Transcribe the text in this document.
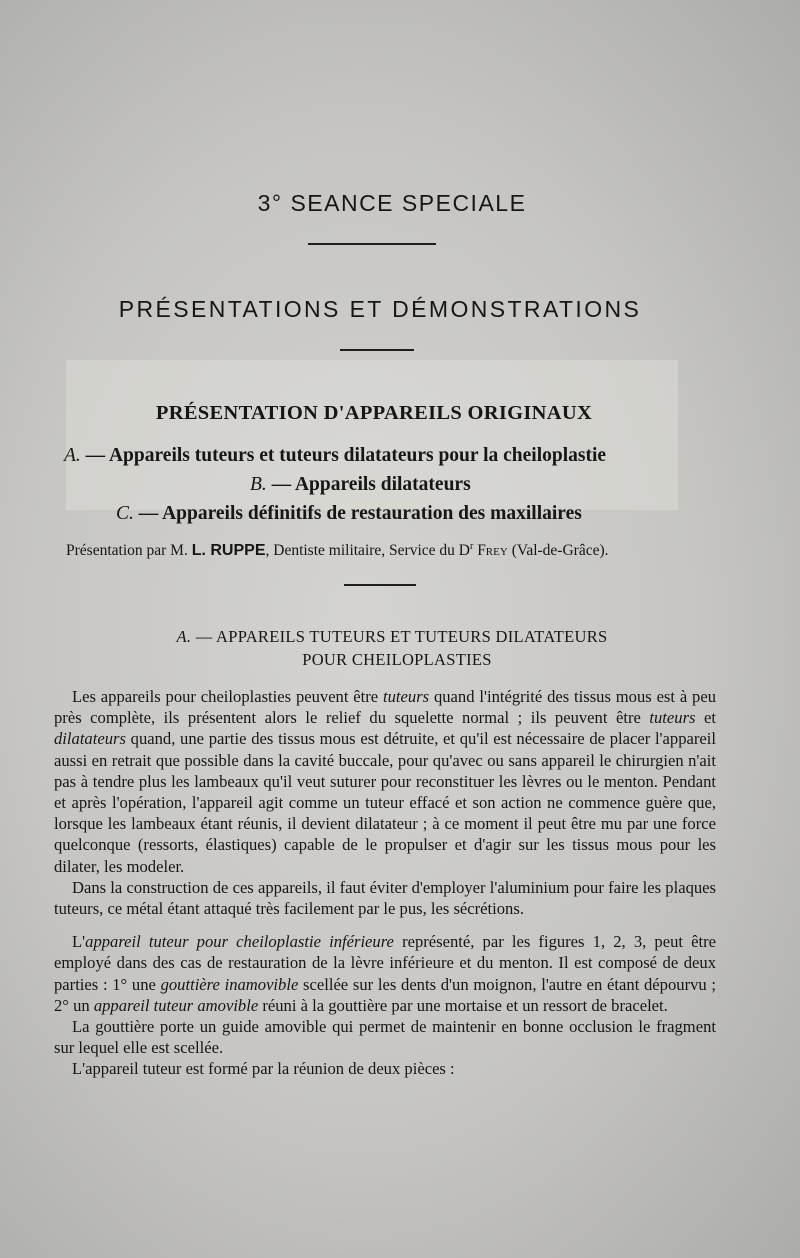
3° SEANCE SPECIALE
PRÉSENTATIONS ET DÉMONSTRATIONS
PRÉSENTATION D'APPAREILS ORIGINAUX
A. — Appareils tuteurs et tuteurs dilatateurs pour la cheiloplastie
B. — Appareils dilatateurs
C. — Appareils définitifs de restauration des maxillaires
Présentation par M. L. RUPPE, Dentiste militaire, Service du $D^r$ Frey (Val-de-Grâce).
A. — APPAREILS TUTEURS ET TUTEURS DILATATEURS
POUR CHEILOPLASTIES

Les appareils pour cheiloplasties peuvent être tuteurs quand l'intégrité des tissus mous est à peu près complète, ils présentent alors le relief du squelette normal ; ils peuvent être tuteurs et dilatateurs quand, une partie des tissus mous est détruite, et qu'il est nécessaire de placer l'appareil aussi en retrait que possible dans la cavité buccale, pour qu'avec ou sans appareil le chirurgien n'ait pas à tendre plus les lambeaux qu'il veut suturer pour reconstituer les lèvres ou le menton. Pendant et après l'opération, l'appareil agit comme un tuteur effacé et son action ne commence guère que, lorsque les lambeaux étant réunis, il devient dilatateur ; à ce moment il peut être mu par une force quelconque (ressorts, élastiques) capable de le propulser et d'agir sur les tissus mous pour les dilater, les modeler.

Dans la construction de ces appareils, il faut éviter d'employer l'aluminium pour faire les plaques tuteurs, ce métal étant attaqué très facilement par le pus, les sécrétions.

L'appareil tuteur pour cheiloplastie inférieure représenté, par les figures 1, 2, 3, peut être employé dans des cas de restauration de la lèvre inférieure et du menton. Il est composé de deux parties : 1° une gouttière inamovible scellée sur les dents d'un moignon, l'autre en étant dépourvu ; 2° un appareil tuteur amovible réuni à la gouttière par une mortaise et un ressort de bracelet.

La gouttière porte un guide amovible qui permet de maintenir en bonne occlusion le fragment sur lequel elle est scellée.

L'appareil tuteur est formé par la réunion de deux pièces :
